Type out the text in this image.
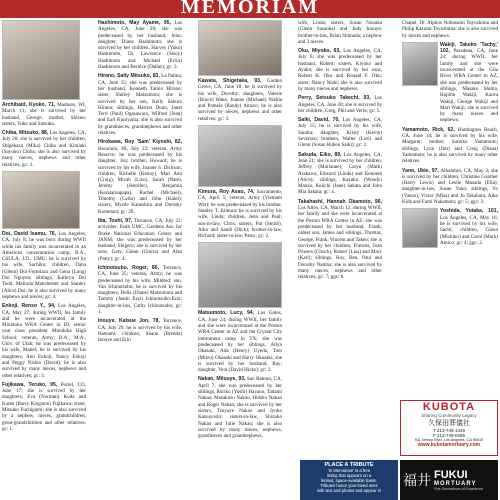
MEMORIAM
Archibald, Kyoko, 71, Madison, WI, March 11; she is survived by her husband, George; mother, Shizue; sisters, Yuko and Satsuko.
Chiba, Mitsuko, 88, Los Angeles, CA, July 20; she is survived by her children, Shigekazu (Mika) Chiba and Kimiaki (Sayoko) Chiba; she is also survived by many nieces, nephews and other relatives; gc: 3.
Doi, David Isamu, 76, Los Angeles, CA, July 8; he was born during WWII while his family was incarcerated in an American concentration camp; B.A., CSULA, J.D., UMU; he is survived by his wife, Sachiko; children, Dana (Glenn) Doi-Fortolazo and Gena (Long) Doi Nguyen; siblings, Kathryn Doi Todd, Melinda Manchester and Stanley (Alice) Doi; he is also survived by many nephews and nieces; gc: 4.
Enkoji, Renso Y., 94, Los Angeles, CA, May 27; during WWII, his family and he were incarcerated at the Minidoka WRA Center in ID; senior year class president Minidoka High School; veteran, Army; B.A., M.A., Univ. of Utah; he was predeceased by his wife, Mabel; he is survived by his daughters, Ann Enkoji, Nancy Enkoji and Peggy Nishio (David); he is also survived by many nieces, nephews and other relatives; gc: 3.
Fujikawa, Teruko, 95, Portel, CO, June 17; she is survived by her daughters, Eva (Norman) Koda and Karen (Barry Kingston) Fujikawa; sister, Mitsuko Fuchigami; she is also survived by a nephew, nieces, grandchildren, great-grandchildren and other relatives; gc: 1.
Hashimoto, May Ayame, 95, Los Angeles, CA, June 28; she was predeceased by her husband, John; daughter, Diane Hashimoto; she is survived by her children, Harvey (Yuko) Hashimoto, Dr. Lawrence (Stacy) Hashimoto and Michael (Erica) Hashimoto and Bernice (Dallas); gc: 3.
Hirano, Sally Mitsuko, 83, La Palma, CA, June 15; she was predeceased by her husband, Kenneth Tamio Hirano; sister, Shirley Matsumoto; she is survived by her son, Kelly Saburo Hirano; siblings, Harriet Dunn, Janet Terri (Paul) Ogasawara, Wilfred (Jean) and Earl Kuniyama; she is also survived by grandnieces, grandnephews and other relatives.
Hirokawa, Roy 'Sam' Kiyoshi, 82, Honolulu, HI, July 22; veteran, Army Reserve; he was predeceased by his daughter, Jon; brother, Howard; he is survived by his wife, Joanne S. Dickson; children, Richelle (Kenny), Mari Ann (Craig), Micah (Lizo), Sarah (Nate), Jeremy (Jennifer), Benjamin (Keralarnapapa), Rachel (Michael), Timothy (Carla) and John (Kalei); sisters, Myrtle Kaneshiro and Dorothy Kometani; gc: 28.
Iba, Toshi, 97, Torrance, CA, July 22; activities: Faith UMC, Gardena Ass. for Brake National Education Center and JANM; she was predeceased by her husband, Shigeru; she is survived by her sons, Gary, Glenn (Gloria) and Alan (Patty); gc: 4.
Ichinotsubo, Roger, 86, Torrance, CA, June 25; veteran, Army; he was predeceased by his wife, Mildred; son, Van Ichinotsubo; he is survived by his daughters, Della (Diane) Matsumura and Tammy (Justin Ezzi) Ichinotsubo-Ezzi; daughter-in-law, Cathy Ichinotsubo; gc: 1.
Inouye, Katsue Jon, 78, Torrance, CA, July 29; he is survived by his wife, Hatsumi; children, Shaun (Brenda) Inouye and Erin
Kawata, Shigetaka, 93, Garden Grove, CA, June 18; he is survived by his wife, Dorothy; daughters, Valerie (Bruce) Wake, Joanne (Michael) Niebla and Pamela (Randy) Amuro; he is also survived by nieces, nephews and other relatives; gc: 3.
Kimura, Roy Asao, 74, Sacramento, CA, April 5; veteran, Army (Vietnam War); he was predeceased by his brother, Stanley T. Kimura; he is survived by his wife, Linda; children, Jenn and Paul; son-in-law, Chris; sisters, Pat (Smith), Aiko and Sandi (Dick); brother-in-law, Richard; sister-in-law, Patsy; gc: 2.
Matsumoto, Lucy, 94, Los Gatos, CA, June 24; during WWII, her family and she were incarcerated at the Poston WRA Center in AZ and the Crystal City internment camp in TX; she was predeceased by her siblings, Allyn Okasaki, Ada (Henry) Uyeda, Tom (Mitzu) Okasaki and Harry Okasaki; she is survived by her husband, Ray; daughter, Vera (David Hicks); gc: 2.
Nakao, Mitsuye, 93, San Ramon, CA, April 7; she was predeceased by her siblings, Ruriko (Yoshi) Hayano, Tadami Nakao, Masakazu Nakao, Hidsko Nakao and Roger Nakao; she is survived by her sisters, Tsuyaye Nakao and Iyoko Katsuyoshi; sisters-in-law, Shizuko Nakao and Julie Nakao; she is also survived by many nieces, nephews, grandnieces and grandnephews.
wife, Linda; sisters, Susan Nonaka (Glenn Sasaoka) and Judy Inouye; brother-in-law, Brian Shimada; a nephew and 3 nieces.
Oku, Miyoko, 93, Los Angeles, CA, July 6; she was predeceased by her husband, Robert; sisters, Kiyoko and Ayako; she is survived by her sons, Robert K. Oku and Ronald F. Oku; sister, Nancy Nishi; she is also survived by many nieces and nephews.
Perry, Setsuko Takechi, 93, Los Angeles, CA, June 20; she is survived by her children, Greg, Phil and Verla; gc: 5.
Saiki, David, 70, Los Angeles, CA, July 15; he is survived by his wife, Sandra; daughter, Kristy (Kevin) Severson; brothers, Walter (Lori) and Glenn (Susan Ruben Saiki); gc: 2.
Sakuda, Eiko, 89, Los Angeles, CA, June 21; she is survived by her children, Jeffrey (Marianne), Caryn (Mark) Arakawa, Edward (Linda) and Kenneth (Alice); siblings, Kazuko (Woody) Manzo, Keiichi (Jane) Sakata and John Mia Sakata; gc: 4.
Takahashi, Hannah Okamoto, 96, Los Altos, CA, March 12; during WWII, her family and she were incarcerated at the Poston WRA Center in AZ; she was predeceased by her husband, Frank; oldest son, James and siblings, Thomas, George, Frank, Vincent and Takeo; she is survived by her children, Frances, Joan Powers (Chuck), Robert (Lisa) and Mary (Karl); siblings, Roy, Ben, Paul and Dorothy Namba; she is also survived by many nieces, nephews and other relatives; gc: 7; ggc: 6.
Chapel, Dr. Alphos Nobusumi Toyoshima and Philip Kazumi Toyoshima; she is also survived by nieces and nephews.
Wakiji, Takeko 'Tachy,' 102, Pasadena, CA, June 24; during WWII, her family and she were incarcerated at the Gila River WRA Center in AZ; she was predeceased by her siblings, Masako Shima, Hajime Wakiji, Kaoru Wakiji, George Wakiji and Mari Wakiji; she is survived by many nieces and nephews.
Yamamoto, Rick, 62, Huntington Beach, CA, June 14; he is survived by his wife, Margaret; mother, Sumiko Yamamoto; siblings, Lynn (Jim) and Craig (Diana) Yamamoto; he is also survived by many other relatives.
Yano, Ukie, 97, Alhambra, CA, May 3; she is survived by her children, Christine Gunther (Harry Lewis) and Leslie Masada (Ella); daughter-in-law, Susan Yano; siblings, Yo (Yasuo), Victor (Misa) and Jo Takahara, Aiko Kida and Fumi Nakamoto; gc: 5; ggc: 3.
Yoshida, Yutaka, 101, Los Angeles, CA, May 16; he is survived by his wife, Sachi; children, Glenn (Michiko) and Carol (Mark) Amico; gc: 4; ggc: 2.
KUBOTA
Sharing Community Legacy
久保田葬儀社
T 213-749-1449
F 213-749-0265
911 Venice Blvd. Los Angeles, CA 90015
www.kubotamortuary.com
PLACE A TRIBUTE
'In Memoriam' is a free
listing that appears on a
limited, space-available basis.
Tributes honor your loved ones
with text and photos and appear in
福井 FUKUI
MORTUARY
Five Generations of Experience
